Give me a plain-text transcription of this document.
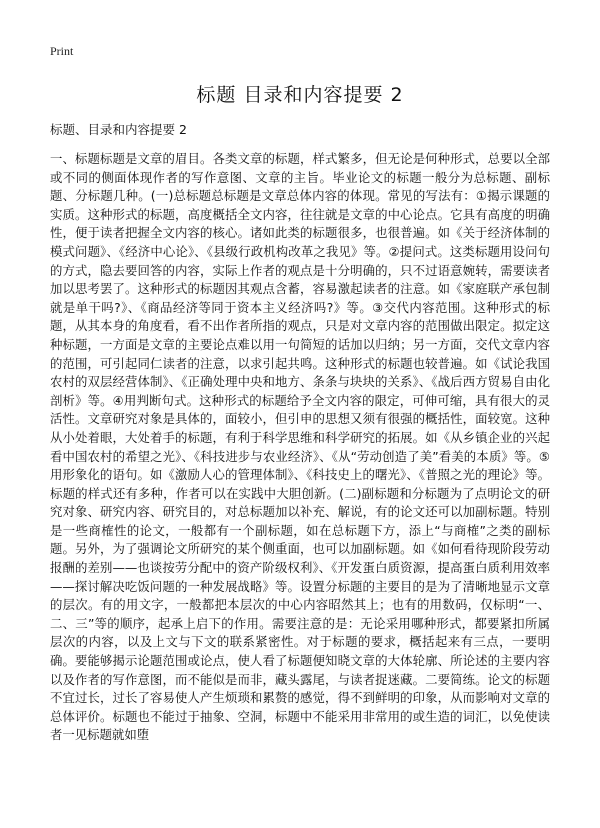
Print
标题 目录和内容提要 2
标题、目录和内容提要 2

一、标题标题是文章的眉目。各类文章的标题，样式繁多，但无论是何种形式，总要以全部或不同的侧面体现作者的写作意图、文章的主旨。毕业论文的标题一般分为总标题、副标题、分标题几种。(一)总标题总标题是文章总体内容的体现。常见的写法有：①揭示课题的实质。这种形式的标题，高度概括全文内容，往往就是文章的中心论点。它具有高度的明确性，便于读者把握全文内容的核心。诸如此类的标题很多，也很普遍。如《关于经济体制的模式问题》、《经济中心论》、《县级行政机构改革之我见》等。②提问式。这类标题用设问句的方式，隐去要回答的内容，实际上作者的观点是十分明确的，只不过语意婉转，需要读者加以思考罢了。这种形式的标题因其观点含蓄，容易激起读者的注意。如《家庭联产承包制就是单干吗?》、《商品经济等同于资本主义经济吗?》等。③交代内容范围。这种形式的标题，从其本身的角度看，看不出作者所指的观点，只是对文章内容的范围做出限定。拟定这种标题，一方面是文章的主要论点难以用一句简短的话加以归纳；另一方面，交代文章内容的范围，可引起同仁读者的注意，以求引起共鸣。这种形式的标题也较普遍。如《试论我国农村的双层经营体制》、《正确处理中央和地方、条条与块块的关系》、《战后西方贸易自由化剖析》等。④用判断句式。这种形式的标题给予全文内容的限定，可伸可缩，具有很大的灵活性。文章研究对象是具体的，面较小，但引申的思想又须有很强的概括性，面较宽。这种从小处着眼，大处着手的标题，有利于科学思维和科学研究的拓展。如《从乡镇企业的兴起看中国农村的希望之光》、《科技进步与农业经济》、《从“劳动创造了美”看美的本质》等。⑤用形象化的语句。如《激励人心的管理体制》、《科技史上的曙光》、《普照之光的理论》等。标题的样式还有多种，作者可以在实践中大胆创新。(二)副标题和分标题为了点明论文的研究对象、研究内容、研究目的，对总标题加以补充、解说，有的论文还可以加副标题。特别是一些商榷性的论文，一般都有一个副标题，如在总标题下方，添上“与商榷”之类的副标题。另外，为了强调论文所研究的某个侧重面，也可以加副标题。如《如何看待现阶段劳动报酬的差别——也谈按劳分配中的资产阶级权利》、《开发蛋白质资源，提高蛋白质利用效率——探讨解决吃饭问题的一种发展战略》等。设置分标题的主要目的是为了清晰地显示文章的层次。有的用文字，一般都把本层次的中心内容昭然其上；也有的用数码，仅标明“一、二、三”等的顺序，起承上启下的作用。需要注意的是：无论采用哪种形式，都要紧扣所属层次的内容，以及上文与下文的联系紧密性。对于标题的要求，概括起来有三点，一要明确。要能够揭示论题范围或论点，使人看了标题便知晓文章的大体轮廓、所论述的主要内容以及作者的写作意图，而不能似是而非，藏头露尾，与读者捉迷藏。二要简练。论文的标题不宜过长，过长了容易使人产生烦琐和累赘的感觉，得不到鲜明的印象，从而影响对文章的总体评价。标题也不能过于抽象、空洞，标题中不能采用非常用的或生造的词汇，以免使读者一见标题就如堕
